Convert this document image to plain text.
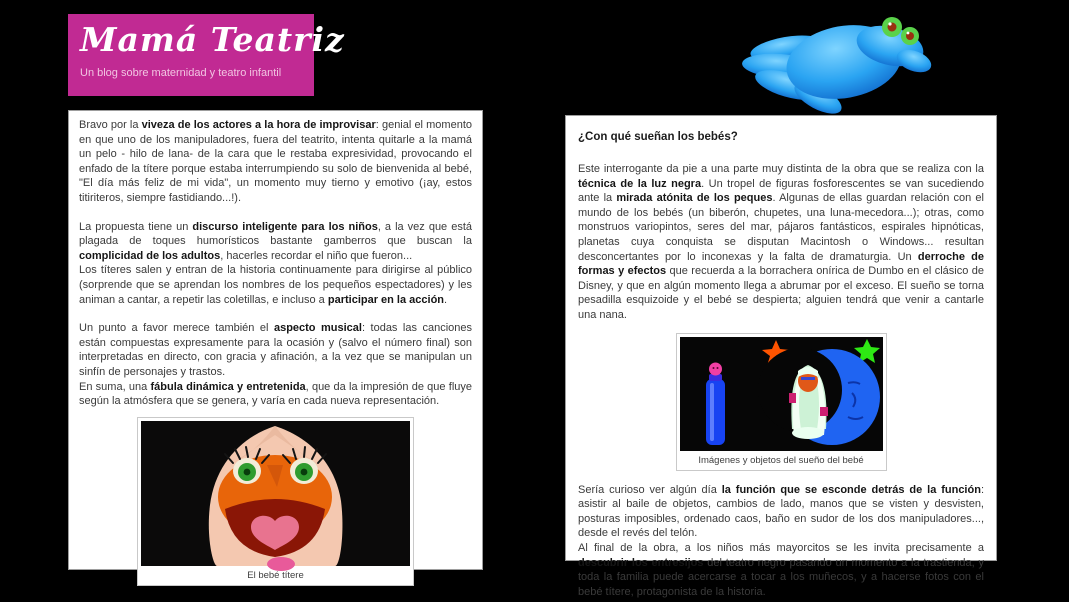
Mamá Teatriz
Un blog sobre maternidad y teatro infantil

Bravo por la viveza de los actores a la hora de improvisar: genial el momento en que uno de los manipuladores, fuera del teatrito, intenta quitarle a la mamá un pelo - hilo de lana- de la cara que le restaba expresividad, provocando el enfado de la títere porque estaba interrumpiendo su solo de bienvenida al bebé, "El día más feliz de mi vida", un momento muy tierno y emotivo (¡ay, estos titiriteros, siempre fastidiando...!).

La propuesta tiene un discurso inteligente para los niños, a la vez que está plagada de toques humorísticos bastante gamberros que buscan la complicidad de los adultos, hacerles recordar el niño que fueron...

Los títeres salen y entran de la historia continuamente para dirigirse al público (sorprende que se aprendan los nombres de los pequeños espectadores) y les animan a cantar, a repetir las coletillas, e incluso a participar en la acción.

Un punto a favor merece también el aspecto musical: todas las canciones están compuestas expresamente para la ocasión y (salvo el número final) son interpretadas en directo, con gracia y afinación, a la vez que se manipulan un sinfín de personajes y trastos.

En suma, una fábula dinámica y entretenida, que da la impresión de que fluye según la atmósfera que se genera, y varía en cada nueva representación.

El bebé títere
¿Con qué sueñan los bebés?

Este interrogante da pie a una parte muy distinta de la obra que se realiza con la técnica de la luz negra. Un tropel de figuras fosforescentes se van sucediendo ante la mirada atónita de los peques. Algunas de ellas guardan relación con el mundo de los bebés (un biberón, chupetes, una luna-mecedora...); otras, como monstruos variopintos, seres del mar, pájaros fantásticos, espirales hipnóticas, planetas cuya conquista se disputan Macintosh o Windows... resultan desconcertantes por lo inconexas y la falta de dramaturgia. Un derroche de formas y efectos que recuerda a la borrachera onírica de Dumbo en el clásico de Disney, y que en algún momento llega a abrumar por el exceso. El sueño se torna pesadilla esquizoide y el bebé se despierta; alguien tendrá que venir a cantarle una nana.

Imágenes y objetos del sueño del bebé

Sería curioso ver algún día la función que se esconde detrás de la función: asistir al baile de objetos, cambios de lado, manos que se visten y desvisten, posturas imposibles, ordenado caos, baño en sudor de los dos manipuladores..., desde el revés del telón.

Al final de la obra, a los niños más mayorcitos se les invita precisamente a descubrir los entresijos del teatro negro pasando un momento a la trastienda, y toda la familia puede acercarse a tocar a los muñecos, y a hacerse fotos con el bebé títere, protagonista de la historia.
